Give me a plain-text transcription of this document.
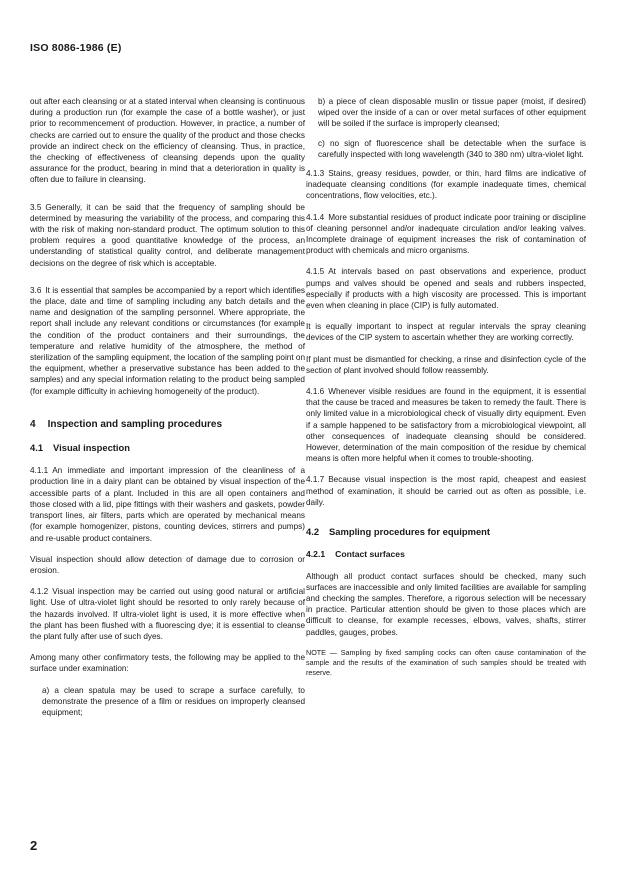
ISO 8086-1986 (E)

out after each cleansing or at a stated interval when cleansing is continuous during a production run (for example the case of a bottle washer), or just prior to recommencement of production. However, in practice, a number of checks are carried out to ensure the quality of the product and those checks provide an indirect check on the efficiency of cleansing. Thus, in practice, the checking of effectiveness of cleansing depends upon the quality assurance for the product, bearing in mind that a deterioration in quality is often due to failure in cleansing.

3.5 Generally, it can be said that the frequency of sampling should be determined by measuring the variability of the process, and comparing this with the risk of making non-standard product. The optimum solution to this problem requires a good quantitative knowledge of the process, an understanding of statistical quality control, and deliberate management decisions on the degree of risk which is acceptable.

3.6 It is essential that samples be accompanied by a report which identifies the place, date and time of sampling including any batch details and the name and designation of the sampling personnel. Where appropriate, the report shall include any relevant conditions or circumstances (for example the condition of the product containers and their surroundings, the temperature and relative humidity of the atmosphere, the method of sterilization of the sampling equipment, the location of the sampling point on the equipment, whether a preservative substance has been added to the samples) and any special information relating to the product being sampled (for example difficulty in achieving homogeneity of the product).

4 Inspection and sampling procedures
4.1 Visual inspection

4.1.1 An immediate and important impression of the cleanliness of a production line in a dairy plant can be obtained by visual inspection of the accessible parts of a plant. Included in this are all open containers and those closed with a lid, pipe fittings with their washers and gaskets, powder transport lines, air filters, parts which are operated by mechanical means (for example homogenizer, pistons, counting devices, stirrers and pumps) and re-usable product containers.

Visual inspection should allow detection of damage due to corrosion or erosion.

4.1.2 Visual inspection may be carried out using good natural or artificial light. Use of ultra-violet light should be resorted to only rarely because of the hazards involved. If ultra-violet light is used, it is more effective when the plant has been flushed with a fluorescing dye; it is essential to cleanse the plant fully after use of such dyes.

Among many other confirmatory tests, the following may be applied to the surface under examination:

a) a clean spatula may be used to scrape a surface carefully, to demonstrate the presence of a film or residues on improperly cleansed equipment;

b) a piece of clean disposable muslin or tissue paper (moist, if desired) wiped over the inside of a can or over metal surfaces of other equipment will be soiled if the surface is improperly cleansed;

c) no sign of fluorescence shall be detectable when the surface is carefully inspected with long wavelength (340 to 380 nm) ultra-violet light.

4.1.3 Stains, greasy residues, powder, or thin, hard films are indicative of inadequate cleansing conditions (for example inadequate times, chemical concentrations, flow velocities, etc.).

4.1.4 More substantial residues of product indicate poor training or discipline of cleaning personnel and/or inadequate circulation and/or leaking valves. Incomplete drainage of equipment increases the risk of contamination of product with chemicals and micro organisms.

4.1.5 At intervals based on past observations and experience, product pumps and valves should be opened and seals and rubbers inspected, especially if products with a high viscosity are processed. This is important even when cleaning in place (CIP) is fully automated.

It is equally important to inspect at regular intervals the spray cleaning devices of the CIP system to ascertain whether they are working correctly.

If plant must be dismantled for checking, a rinse and disinfection cycle of the section of plant involved should follow reassembly.

4.1.6 Whenever visible residues are found in the equipment, it is essential that the cause be traced and measures be taken to remedy the fault. There is only limited value in a microbiological check of visually dirty equipment. Even if a sample happened to be satisfactory from a microbiological viewpoint, all other consequences of inadequate cleansing should be considered. However, determination of the main composition of the residue by chemical means is often more helpful when it comes to trouble-shooting.

4.1.7 Because visual inspection is the most rapid, cheapest and easiest method of examination, it should be carried out as often as possible, i.e. daily.

4.2 Sampling procedures for equipment
4.2.1 Contact surfaces

Although all product contact surfaces should be checked, many such surfaces are inaccessible and only limited facilities are available for sampling and checking the samples. Therefore, a rigorous selection will be necessary in practice. Particular attention should be given to those places which are difficult to cleanse, for example recesses, elbows, valves, shafts, stirrer paddles, gauges, probes.

NOTE — Sampling by fixed sampling cocks can often cause contamination of the sample and the results of the examination of such samples should be treated with reserve.

2
